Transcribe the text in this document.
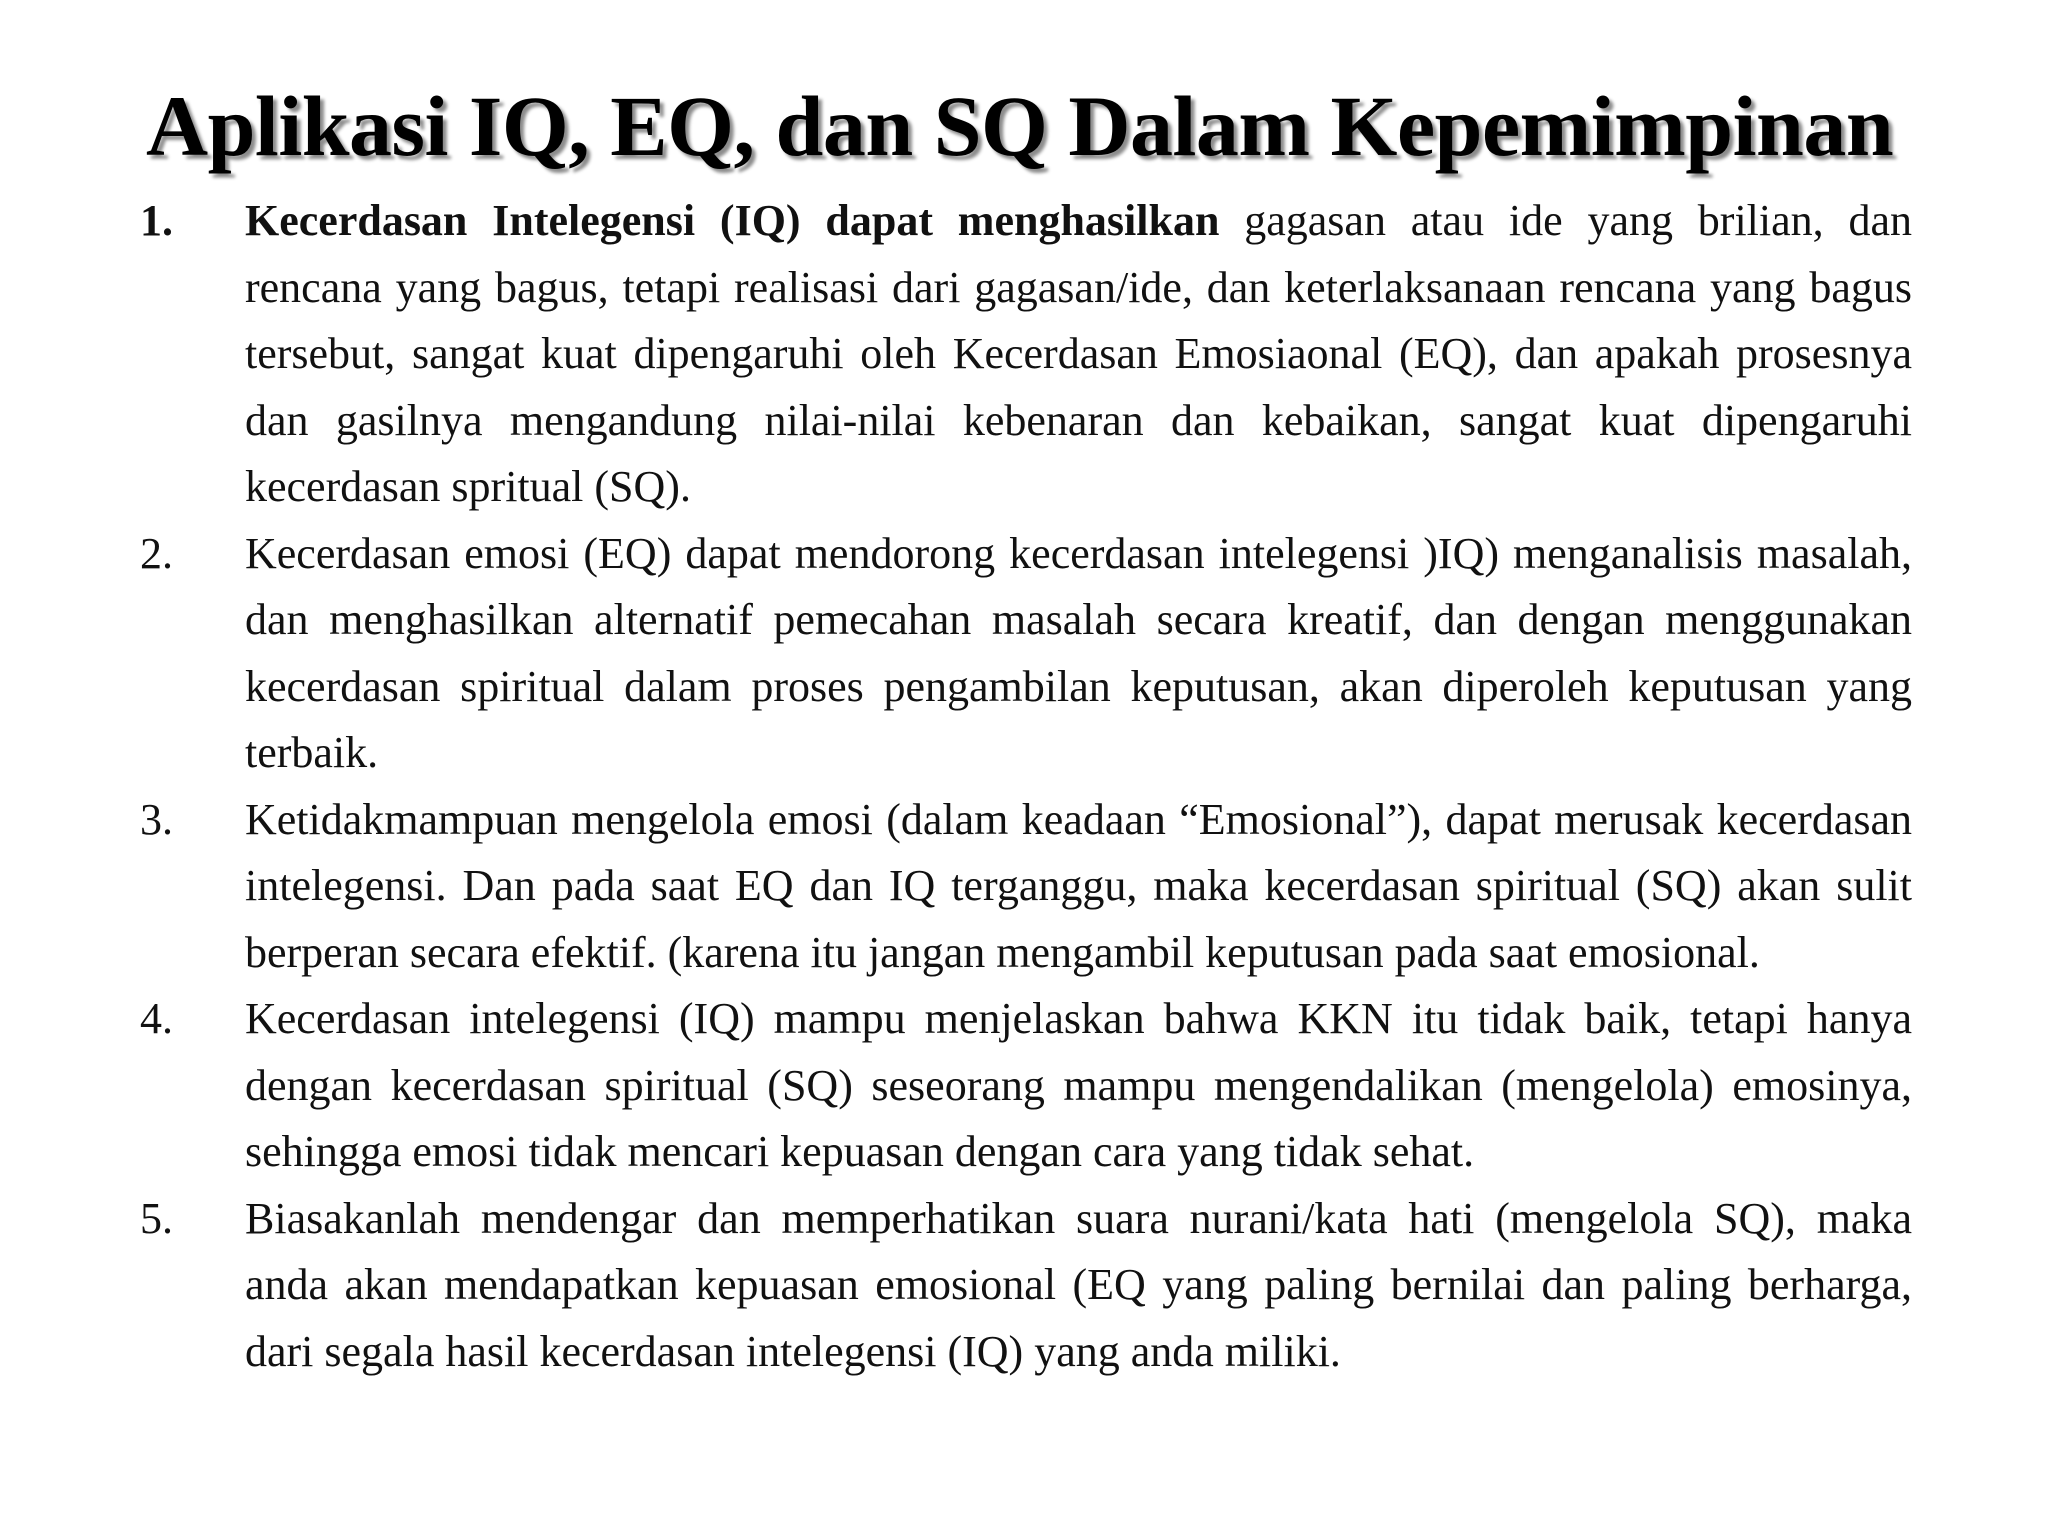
Aplikasi IQ, EQ, dan SQ Dalam Kepemimpinan
1. Kecerdasan Intelegensi (IQ) dapat menghasilkan gagasan atau ide yang brilian, dan rencana yang bagus, tetapi realisasi dari gagasan/ide, dan keterlaksanaan rencana yang bagus tersebut, sangat kuat dipengaruhi oleh Kecerdasan Emosiaonal (EQ), dan apakah prosesnya dan gasilnya mengandung nilai-nilai kebenaran dan kebaikan, sangat kuat dipengaruhi kecerdasan spritual (SQ).
2. Kecerdasan emosi (EQ) dapat mendorong kecerdasan intelegensi )IQ) menganalisis masalah, dan menghasilkan alternatif pemecahan masalah secara kreatif, dan dengan menggunakan kecerdasan spiritual dalam proses pengambilan keputusan, akan diperoleh keputusan yang terbaik.
3. Ketidakmampuan mengelola emosi (dalam keadaan “Emosional”), dapat merusak kecerdasan intelegensi. Dan pada saat EQ dan IQ terganggu, maka kecerdasan spiritual (SQ) akan sulit berperan secara efektif. (karena itu jangan mengambil keputusan pada saat emosional.
4. Kecerdasan intelegensi (IQ) mampu menjelaskan bahwa KKN itu tidak baik, tetapi hanya dengan kecerdasan spiritual (SQ) seseorang mampu mengendalikan (mengelola) emosinya, sehingga emosi tidak mencari kepuasan dengan cara yang tidak sehat.
5. Biasakanlah mendengar dan memperhatikan suara nurani/kata hati (mengelola SQ), maka anda akan mendapatkan kepuasan emosional (EQ yang paling bernilai dan paling berharga, dari segala hasil kecerdasan intelegensi (IQ) yang anda miliki.
